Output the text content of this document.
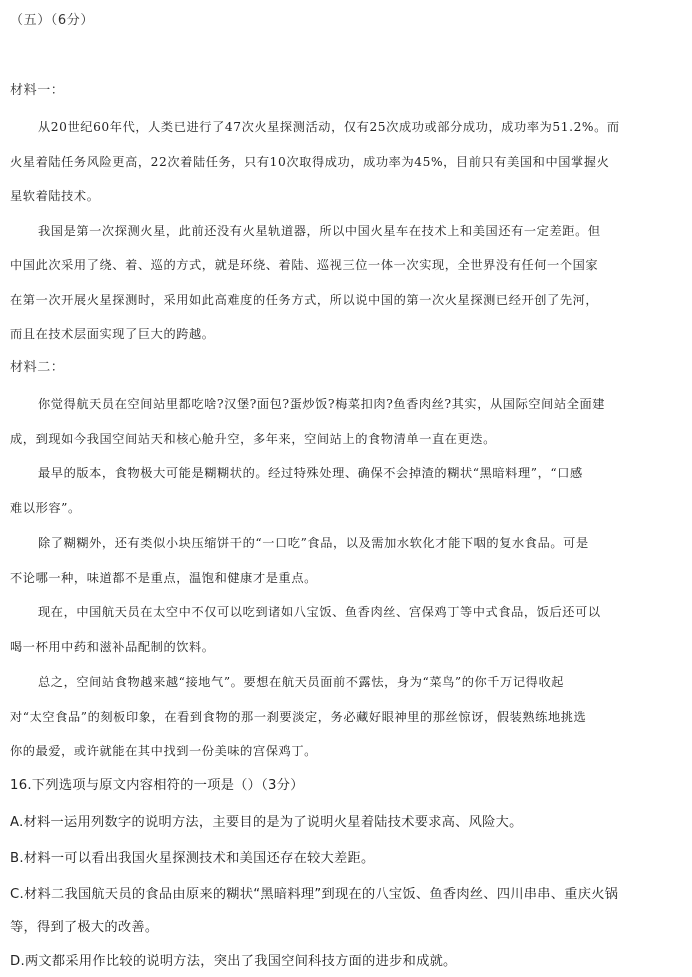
（五）（6分）
材料一：
从20世纪60年代，人类已进行了47次火星探测活动，仅有25次成功或部分成功，成功率为51.2%。而
火星着陆任务风险更高，22次着陆任务，只有10次取得成功，成功率为45%，目前只有美国和中国掌握火
星软着陆技术。
我国是第一次探测火星，此前还没有火星轨道器，所以中国火星车在技术上和美国还有一定差距。但
中国此次采用了绕、着、巡的方式，就是环绕、着陆、巡视三位一体一次实现，全世界没有任何一个国家
在第一次开展火星探测时，采用如此高难度的任务方式，所以说中国的第一次火星探测已经开创了先河，
而且在技术层面实现了巨大的跨越。
材料二：
你觉得航天员在空间站里都吃啥?汉堡?面包?蛋炒饭?梅菜扣肉?鱼香肉丝?其实，从国际空间站全面建
成，到现如今我国空间站天和核心舱升空，多年来，空间站上的食物清单一直在更迭。
最早的版本，食物极大可能是糊糊状的。经过特殊处理、确保不会掉渣的糊状“黑暗料理”，“口感
难以形容”。
除了糊糊外，还有类似小块压缩饼干的“一口吃”食品，以及需加水软化才能下咽的复水食品。可是
不论哪一种，味道都不是重点，温饱和健康才是重点。
现在，中国航天员在太空中不仅可以吃到诸如八宝饭、鱼香肉丝、宫保鸡丁等中式食品，饭后还可以
喝一杯用中药和滋补品配制的饮料。
总之，空间站食物越来越“接地气”。要想在航天员面前不露怯，身为“菜鸟”的你千万记得收起
对“太空食品”的刻板印象，在看到食物的那一刹要淡定，务必藏好眼神里的那丝惊讶，假装熟练地挑选
你的最爱，或许就能在其中找到一份美味的宫保鸡丁。
16.下列选项与原文内容相符的一项是（）（3分）
A.材料一运用列数字的说明方法，主要目的是为了说明火星着陆技术要求高、风险大。
B.材料一可以看出我国火星探测技术和美国还存在较大差距。
C.材料二我国航天员的食品由原来的糊状“黑暗料理”到现在的八宝饭、鱼香肉丝、四川串串、重庆火锅
等，得到了极大的改善。
D.两文都采用作比较的说明方法，突出了我国空间科技方面的进步和成就。
